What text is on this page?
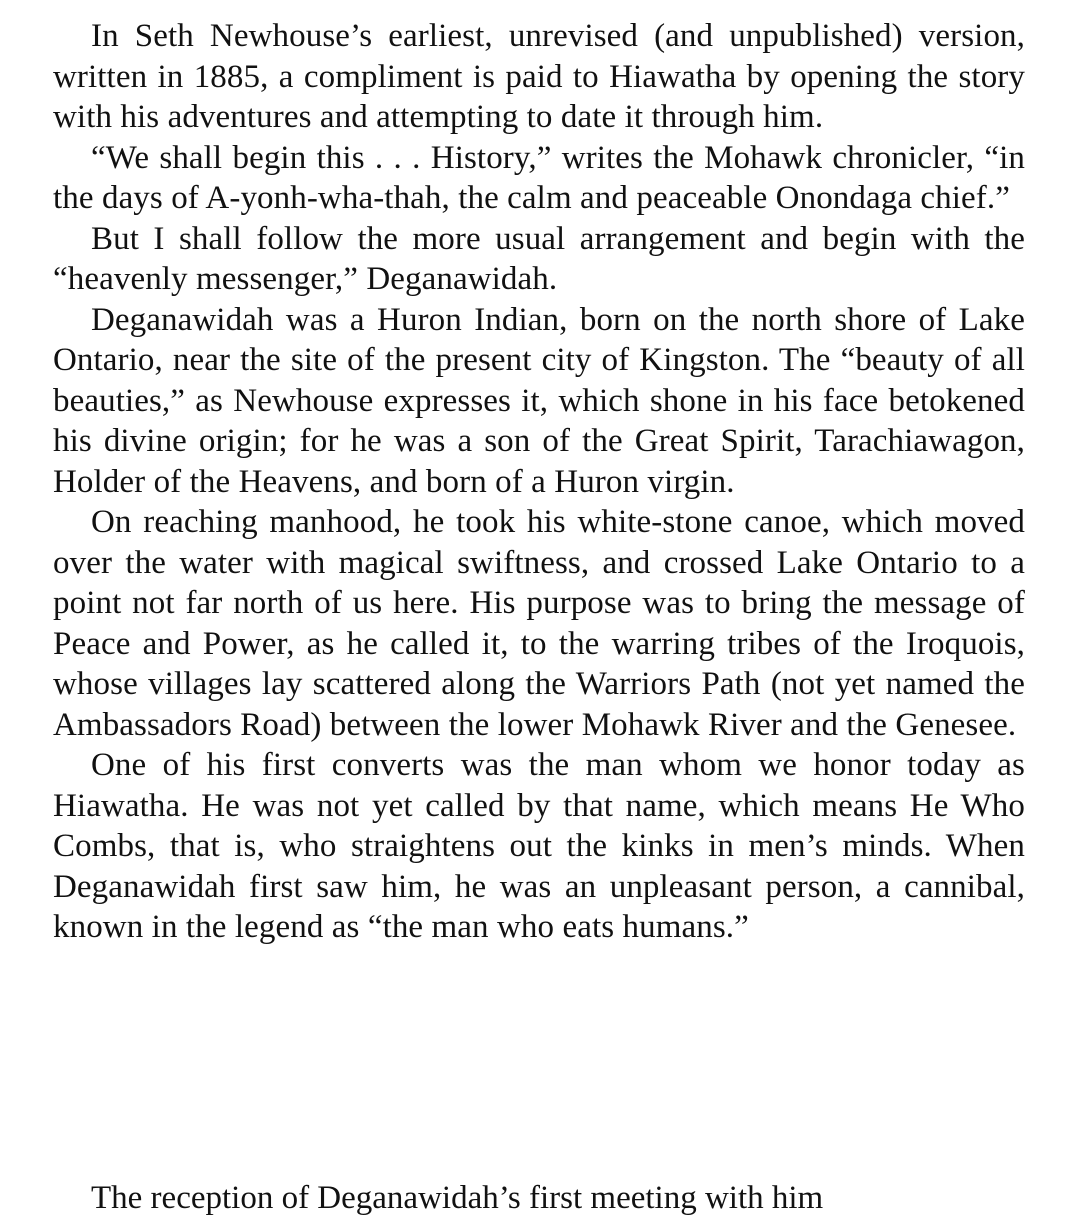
In Seth Newhouse’s earliest, unrevised (and unpublished) version, written in 1885, a compliment is paid to Hiawatha by opening the story with his adventures and attempting to date it through him.

“We shall begin this . . . History,” writes the Mohawk chronicler, “in the days of A-yonh-wha-thah, the calm and peaceable Onondaga chief.”

But I shall follow the more usual arrangement and begin with the “heavenly messenger,” Deganawidah.

Deganawidah was a Huron Indian, born on the north shore of Lake Ontario, near the site of the present city of Kingston. The “beauty of all beauties,” as Newhouse expresses it, which shone in his face betokened his divine origin; for he was a son of the Great Spirit, Tarachiawagon, Holder of the Heavens, and born of a Huron virgin.

On reaching manhood, he took his white-stone canoe, which moved over the water with magical swiftness, and crossed Lake Ontario to a point not far north of us here. His purpose was to bring the message of Peace and Power, as he called it, to the warring tribes of the Iroquois, whose villages lay scattered along the Warriors Path (not yet named the Ambassadors Road) between the lower Mohawk River and the Genesee.

One of his first converts was the man whom we honor today as Hiawatha. He was not yet called by that name, which means He Who Combs, that is, who straightens out the kinks in men’s minds. When Deganawidah first saw him, he was an unpleasant person, a cannibal, known in the legend as “the man who eats humans.”

The reception of Deganawidah’s first meeting with him
